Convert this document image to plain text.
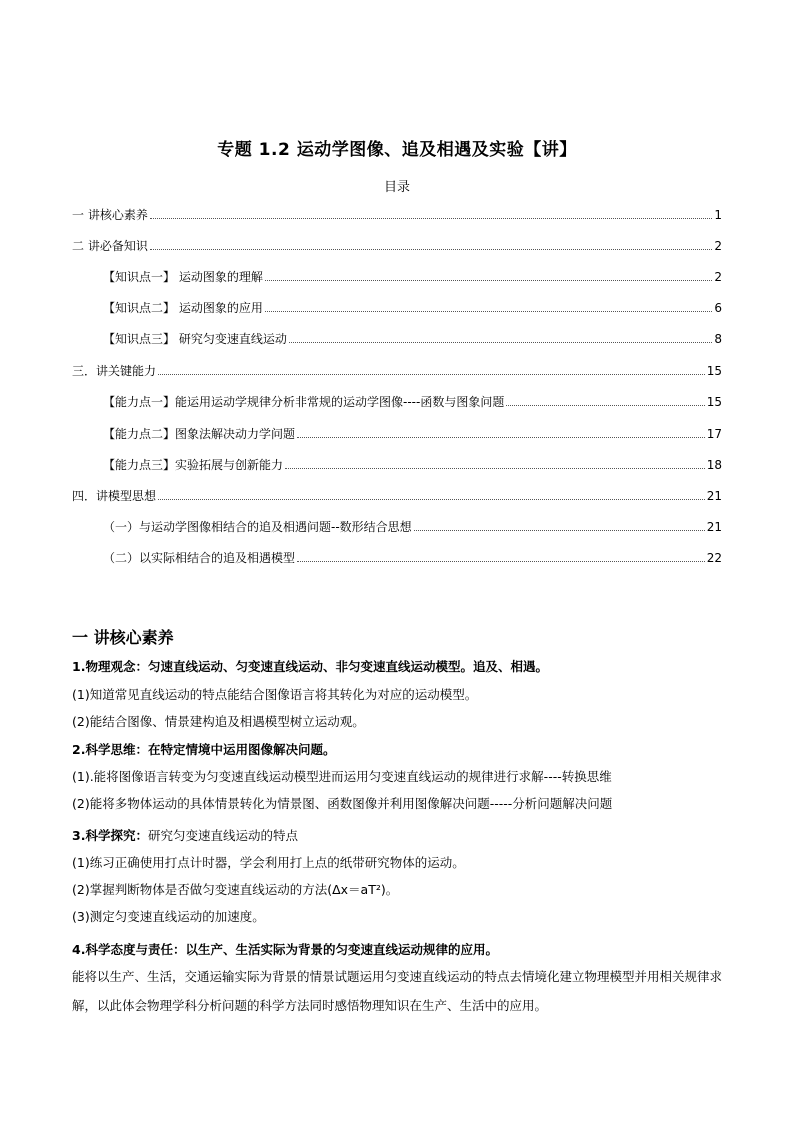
专题 1.2 运动学图像、追及相遇及实验【讲】
目录
一 讲核心素养	1
二 讲必备知识	2
【知识点一】 运动图象的理解	2
【知识点二】 运动图象的应用	6
【知识点三】 研究匀变速直线运动	8
三．讲关键能力	15
【能力点一】能运用运动学规律分析非常规的运动学图像----函数与图象问题	15
【能力点二】图象法解决动力学问题	17
【能力点三】实验拓展与创新能力	18
四．讲模型思想	21
（一）与运动学图像相结合的追及相遇问题--数形结合思想	21
（二）以实际相结合的追及相遇模型	22
一 讲核心素养
1.物理观念：匀速直线运动、匀变速直线运动、非匀变速直线运动模型。追及、相遇。
(1)知道常见直线运动的特点能结合图像语言将其转化为对应的运动模型。
(2)能结合图像、情景建构追及相遇模型树立运动观。
2.科学思维：在特定情境中运用图像解决问题。
(1).能将图像语言转变为匀变速直线运动模型进而运用匀变速直线运动的规律进行求解----转换思维
(2)能将多物体运动的具体情景转化为情景图、函数图像并利用图像解决问题-----分析问题解决问题
3.科学探究：研究匀变速直线运动的特点
(1)练习正确使用打点计时器，学会利用打上点的纸带研究物体的运动。
(2)掌握判断物体是否做匀变速直线运动的方法(Δx＝aT²)。
(3)测定匀变速直线运动的加速度。
4.科学态度与责任：以生产、生活实际为背景的匀变速直线运动规律的应用。
能将以生产、生活，交通运输实际为背景的情景试题运用匀变速直线运动的特点去情境化建立物理模型并用相关规律求解，以此体会物理学科分析问题的科学方法同时感悟物理知识在生产、生活中的应用。
